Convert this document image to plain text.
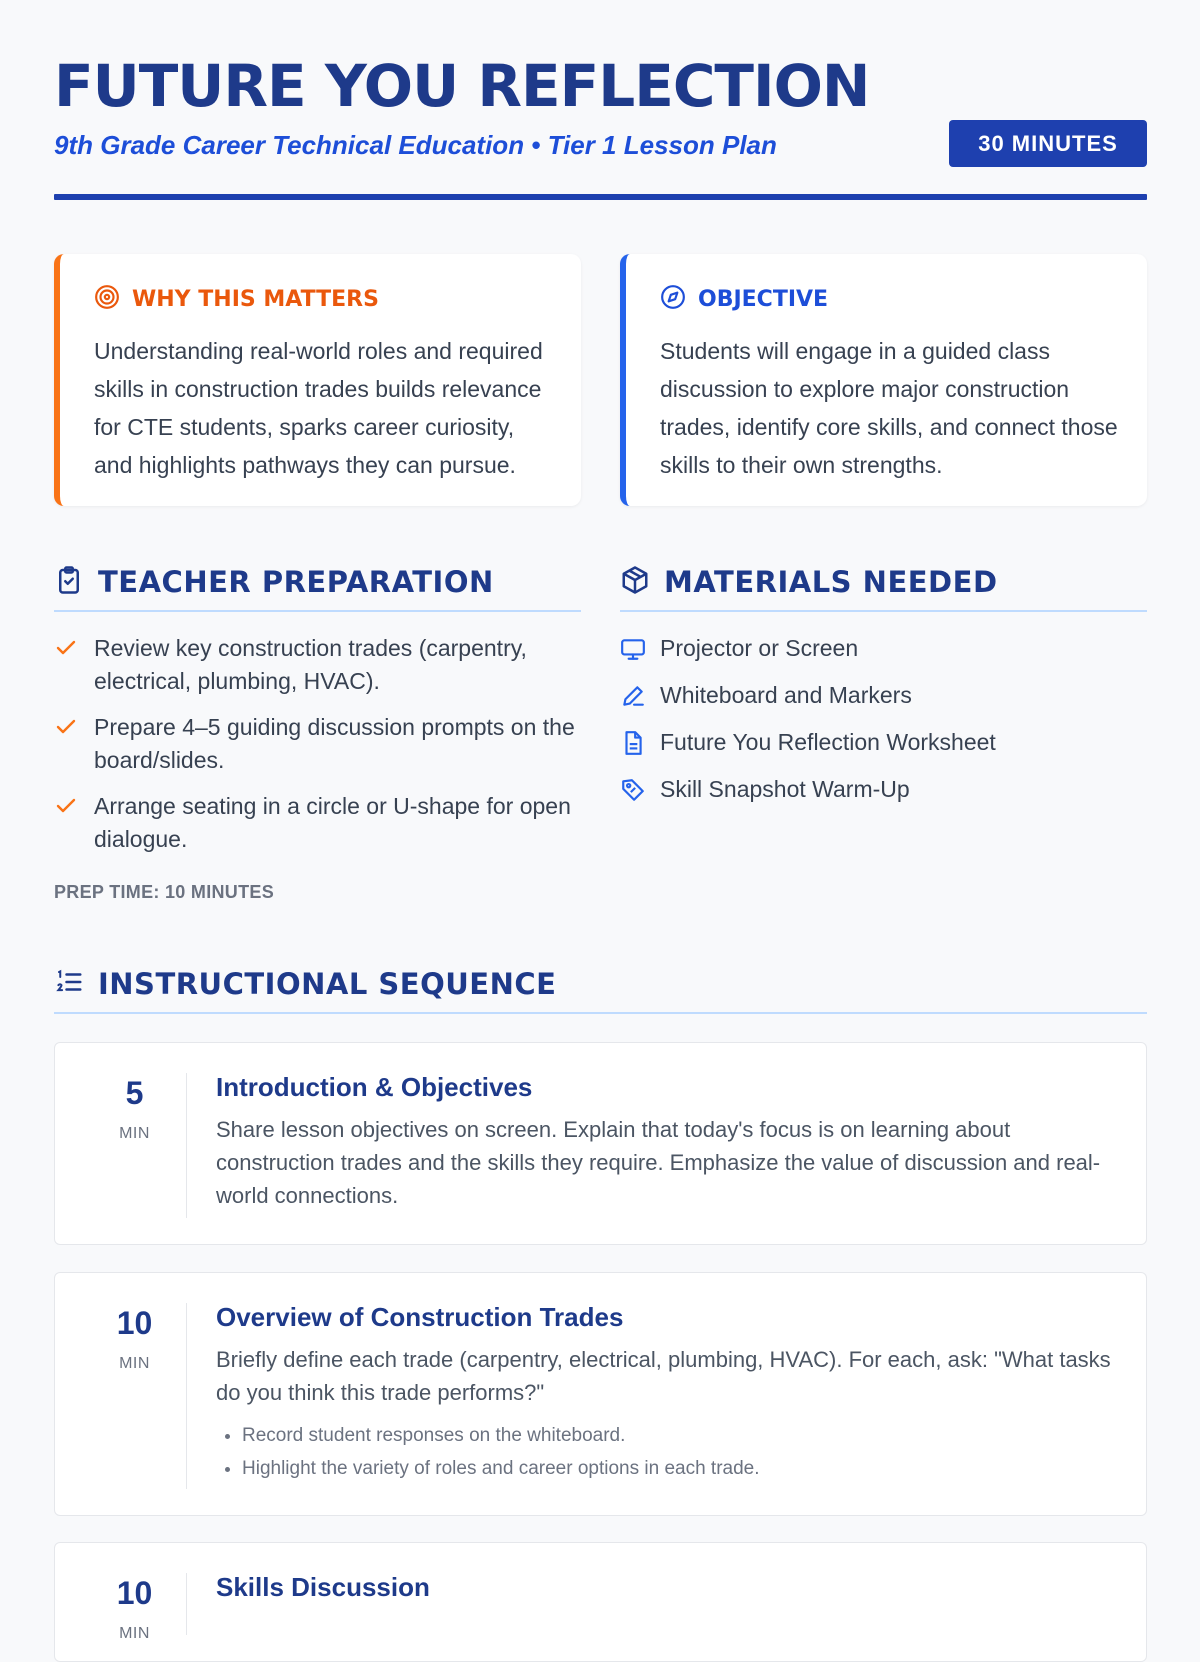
FUTURE YOU REFLECTION
9th Grade Career Technical Education • Tier 1 Lesson Plan	30 MINUTES
WHY THIS MATTERS

Understanding real-world roles and required skills in construction trades builds relevance for CTE students, sparks career curiosity, and highlights pathways they can pursue.

OBJECTIVE

Students will engage in a guided class discussion to explore major construction trades, identify core skills, and connect those skills to their own strengths.

TEACHER PREPARATION
Review key construction trades (carpentry, electrical, plumbing, HVAC).
Prepare 4–5 guiding discussion prompts on the board/slides.
Arrange seating in a circle or U-shape for open dialogue.
PREP TIME: 10 MINUTES
MATERIALS NEEDED
Projector or Screen
Whiteboard and Markers
Future You Reflection Worksheet
Skill Snapshot Warm-Up
INSTRUCTIONAL SEQUENCE
5
MIN
Introduction & Objectives

Share lesson objectives on screen. Explain that today's focus is on learning about construction trades and the skills they require. Emphasize the value of discussion and real-world connections.

10
MIN
Overview of Construction Trades

Briefly define each trade (carpentry, electrical, plumbing, HVAC). For each, ask: "What tasks do you think this trade performs?"

• Record student responses on the whiteboard.
• Highlight the variety of roles and career options in each trade.
10
MIN
Skills Discussion
